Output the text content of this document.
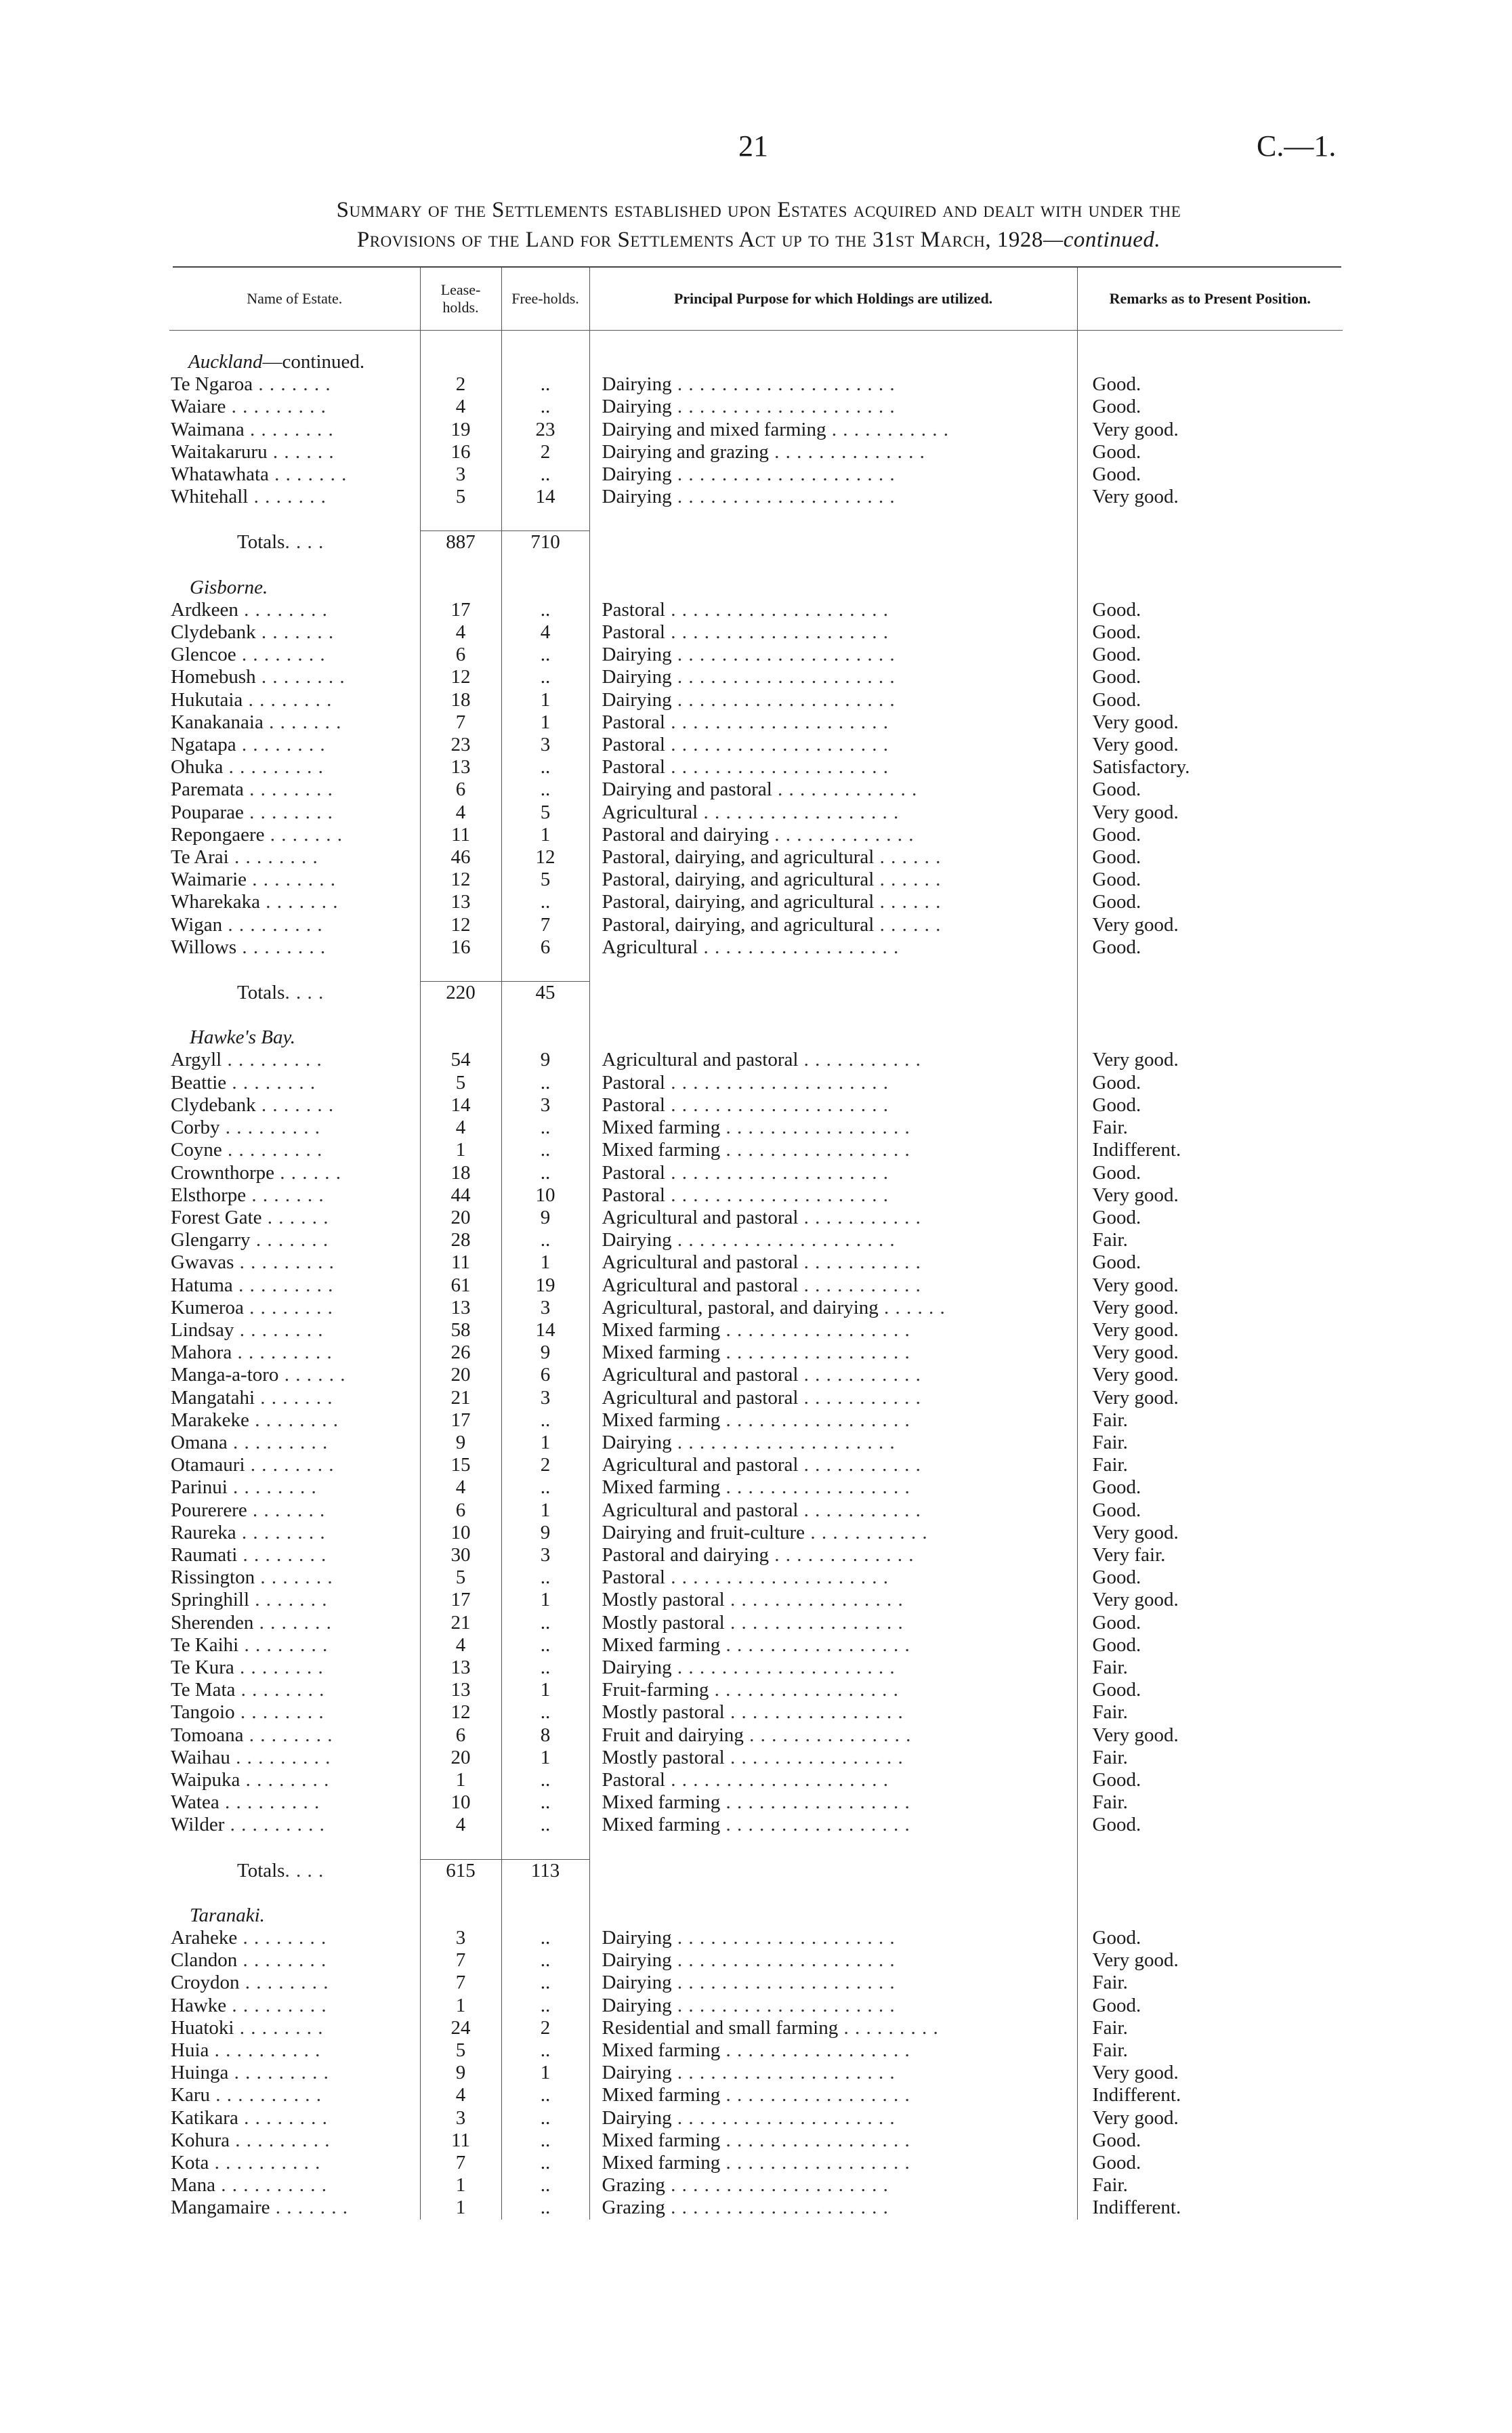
21	C.—1.
Summary of the Settlements established upon Estates acquired and dealt with under the
Provisions of the Land for Settlements Act up to the 31st March, 1928—continued.
Name of Estate.	Lease-holds.	Free-holds.	Principal Purpose for which Holdings are utilized.	Remarks as to Present Position.

Auckland—continued.				
Te Ngaroa . . . . . . .	2	..	Dairying . . . . . . . . . . . . . . . . . . . .	Good.
Waiare . . . . . . . . .	4	..	Dairying . . . . . . . . . . . . . . . . . . . .	Good.
Waimana . . . . . . . .	19	23	Dairying and mixed farming . . . . . . . . . . .	Very good.
Waitakaruru . . . . . .	16	2	Dairying and grazing . . . . . . . . . . . . . .	Good.
Whatawhata . . . . . . .	3	..	Dairying . . . . . . . . . . . . . . . . . . . .	Good.
Whitehall . . . . . . .	5	14	Dairying . . . . . . . . . . . . . . . . . . . .	Very good.

Totals. . . .	887	710		

Gisborne.				
Ardkeen . . . . . . . .	17	..	Pastoral . . . . . . . . . . . . . . . . . . . .	Good.
Clydebank . . . . . . .	4	4	Pastoral . . . . . . . . . . . . . . . . . . . .	Good.
Glencoe . . . . . . . .	6	..	Dairying . . . . . . . . . . . . . . . . . . . .	Good.
Homebush . . . . . . . .	12	..	Dairying . . . . . . . . . . . . . . . . . . . .	Good.
Hukutaia . . . . . . . .	18	1	Dairying . . . . . . . . . . . . . . . . . . . .	Good.
Kanakanaia . . . . . . .	7	1	Pastoral . . . . . . . . . . . . . . . . . . . .	Very good.
Ngatapa . . . . . . . .	23	3	Pastoral . . . . . . . . . . . . . . . . . . . .	Very good.
Ohuka . . . . . . . . .	13	..	Pastoral . . . . . . . . . . . . . . . . . . . .	Satisfactory.
Paremata . . . . . . . .	6	..	Dairying and pastoral . . . . . . . . . . . . .	Good.
Pouparae . . . . . . . .	4	5	Agricultural . . . . . . . . . . . . . . . . . .	Very good.
Repongaere . . . . . . .	11	1	Pastoral and dairying . . . . . . . . . . . . .	Good.
Te Arai . . . . . . . .	46	12	Pastoral, dairying, and agricultural . . . . . .	Good.
Waimarie . . . . . . . .	12	5	Pastoral, dairying, and agricultural . . . . . .	Good.
Wharekaka . . . . . . .	13	..	Pastoral, dairying, and agricultural . . . . . .	Good.
Wigan . . . . . . . . .	12	7	Pastoral, dairying, and agricultural . . . . . .	Very good.
Willows . . . . . . . .	16	6	Agricultural . . . . . . . . . . . . . . . . . .	Good.

Totals. . . .	220	45		

Hawke's Bay.				
Argyll . . . . . . . . .	54	9	Agricultural and pastoral . . . . . . . . . . .	Very good.
Beattie . . . . . . . .	5	..	Pastoral . . . . . . . . . . . . . . . . . . . .	Good.
Clydebank . . . . . . .	14	3	Pastoral . . . . . . . . . . . . . . . . . . . .	Good.
Corby . . . . . . . . .	4	..	Mixed farming . . . . . . . . . . . . . . . . .	Fair.
Coyne . . . . . . . . .	1	..	Mixed farming . . . . . . . . . . . . . . . . .	Indifferent.
Crownthorpe . . . . . .	18	..	Pastoral . . . . . . . . . . . . . . . . . . . .	Good.
Elsthorpe . . . . . . .	44	10	Pastoral . . . . . . . . . . . . . . . . . . . .	Very good.
Forest Gate . . . . . .	20	9	Agricultural and pastoral . . . . . . . . . . .	Good.
Glengarry . . . . . . .	28	..	Dairying . . . . . . . . . . . . . . . . . . . .	Fair.
Gwavas . . . . . . . . .	11	1	Agricultural and pastoral . . . . . . . . . . .	Good.
Hatuma . . . . . . . . .	61	19	Agricultural and pastoral . . . . . . . . . . .	Very good.
Kumeroa . . . . . . . .	13	3	Agricultural, pastoral, and dairying . . . . . .	Very good.
Lindsay . . . . . . . .	58	14	Mixed farming . . . . . . . . . . . . . . . . .	Very good.
Mahora . . . . . . . . .	26	9	Mixed farming . . . . . . . . . . . . . . . . .	Very good.
Manga-a-toro . . . . . .	20	6	Agricultural and pastoral . . . . . . . . . . .	Very good.
Mangatahi . . . . . . .	21	3	Agricultural and pastoral . . . . . . . . . . .	Very good.
Marakeke . . . . . . . .	17	..	Mixed farming . . . . . . . . . . . . . . . . .	Fair.
Omana . . . . . . . . .	9	1	Dairying . . . . . . . . . . . . . . . . . . . .	Fair.
Otamauri . . . . . . . .	15	2	Agricultural and pastoral . . . . . . . . . . .	Fair.
Parinui . . . . . . . .	4	..	Mixed farming . . . . . . . . . . . . . . . . .	Good.
Pourerere . . . . . . .	6	1	Agricultural and pastoral . . . . . . . . . . .	Good.
Raureka . . . . . . . .	10	9	Dairying and fruit-culture . . . . . . . . . . .	Very good.
Raumati . . . . . . . .	30	3	Pastoral and dairying . . . . . . . . . . . . .	Very fair.
Rissington . . . . . . .	5	..	Pastoral . . . . . . . . . . . . . . . . . . . .	Good.
Springhill . . . . . . .	17	1	Mostly pastoral . . . . . . . . . . . . . . . .	Very good.
Sherenden . . . . . . .	21	..	Mostly pastoral . . . . . . . . . . . . . . . .	Good.
Te Kaihi . . . . . . . .	4	..	Mixed farming . . . . . . . . . . . . . . . . .	Good.
Te Kura . . . . . . . .	13	..	Dairying . . . . . . . . . . . . . . . . . . . .	Fair.
Te Mata . . . . . . . .	13	1	Fruit-farming . . . . . . . . . . . . . . . . .	Good.
Tangoio . . . . . . . .	12	..	Mostly pastoral . . . . . . . . . . . . . . . .	Fair.
Tomoana . . . . . . . .	6	8	Fruit and dairying . . . . . . . . . . . . . . .	Very good.
Waihau . . . . . . . . .	20	1	Mostly pastoral . . . . . . . . . . . . . . . .	Fair.
Waipuka . . . . . . . .	1	..	Pastoral . . . . . . . . . . . . . . . . . . . .	Good.
Watea . . . . . . . . .	10	..	Mixed farming . . . . . . . . . . . . . . . . .	Fair.
Wilder . . . . . . . . .	4	..	Mixed farming . . . . . . . . . . . . . . . . .	Good.

Totals. . . .	615	113		

Taranaki.				
Araheke . . . . . . . .	3	..	Dairying . . . . . . . . . . . . . . . . . . . .	Good.
Clandon . . . . . . . .	7	..	Dairying . . . . . . . . . . . . . . . . . . . .	Very good.
Croydon . . . . . . . .	7	..	Dairying . . . . . . . . . . . . . . . . . . . .	Fair.
Hawke . . . . . . . . .	1	..	Dairying . . . . . . . . . . . . . . . . . . . .	Good.
Huatoki . . . . . . . .	24	2	Residential and small farming . . . . . . . . .	Fair.
Huia . . . . . . . . . .	5	..	Mixed farming . . . . . . . . . . . . . . . . .	Fair.
Huinga . . . . . . . . .	9	1	Dairying . . . . . . . . . . . . . . . . . . . .	Very good.
Karu . . . . . . . . . .	4	..	Mixed farming . . . . . . . . . . . . . . . . .	Indifferent.
Katikara . . . . . . . .	3	..	Dairying . . . . . . . . . . . . . . . . . . . .	Very good.
Kohura . . . . . . . . .	11	..	Mixed farming . . . . . . . . . . . . . . . . .	Good.
Kota . . . . . . . . . .	7	..	Mixed farming . . . . . . . . . . . . . . . . .	Good.
Mana . . . . . . . . . .	1	..	Grazing . . . . . . . . . . . . . . . . . . . .	Fair.
Mangamaire . . . . . . .	1	..	Grazing . . . . . . . . . . . . . . . . . . . .	Indifferent.
